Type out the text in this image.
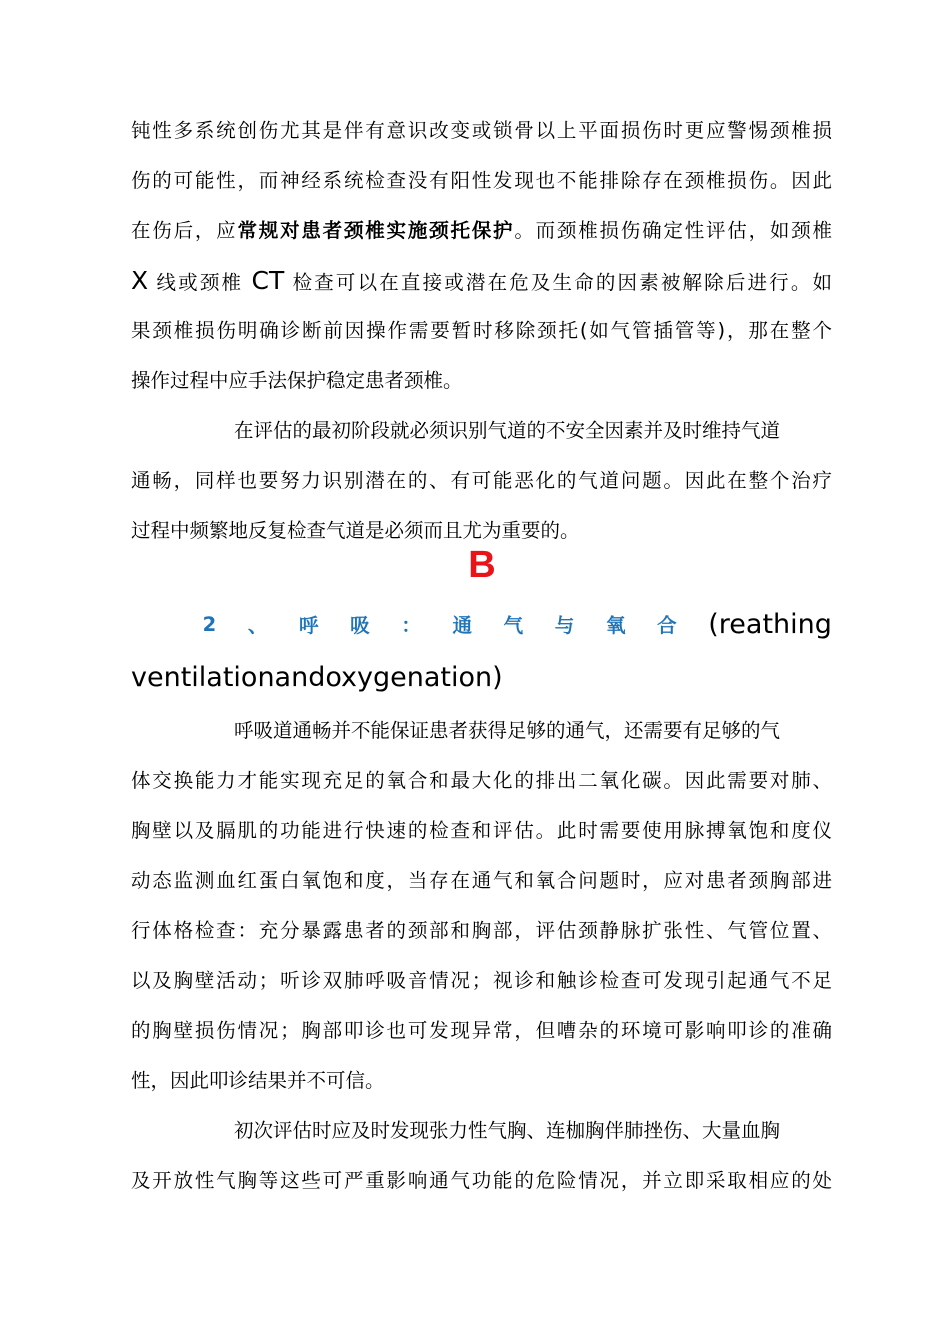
钝性多系统创伤尤其是伴有意识改变或锁骨以上平面损伤时更应警惕颈椎损
伤的可能性，而神经系统检查没有阳性发现也不能排除存在颈椎损伤。因此
在伤后，应常规对患者颈椎实施颈托保护。而颈椎损伤确定性评估，如颈椎
X 线或颈椎 CT 检查可以在直接或潜在危及生命的因素被解除后进行。如
果颈椎损伤明确诊断前因操作需要暂时移除颈托(如气管插管等)，那在整个
操作过程中应手法保护稳定患者颈椎。
在评估的最初阶段就必须识别气道的不安全因素并及时维持气道
通畅，同样也要努力识别潜在的、有可能恶化的气道问题。因此在整个治疗
过程中频繁地反复检查气道是必须而且尤为重要的。
B
2 、 呼 吸 ： 通 气 与 氧 合 (reathing
ventilationandoxygenation)
呼吸道通畅并不能保证患者获得足够的通气，还需要有足够的气
体交换能力才能实现充足的氧合和最大化的排出二氧化碳。因此需要对肺、
胸壁以及膈肌的功能进行快速的检查和评估。此时需要使用脉搏氧饱和度仪
动态监测血红蛋白氧饱和度，当存在通气和氧合问题时，应对患者颈胸部进
行体格检查：充分暴露患者的颈部和胸部，评估颈静脉扩张性、气管位置、
以及胸壁活动；听诊双肺呼吸音情况；视诊和触诊检查可发现引起通气不足
的胸壁损伤情况；胸部叩诊也可发现异常，但嘈杂的环境可影响叩诊的准确
性，因此叩诊结果并不可信。
初次评估时应及时发现张力性气胸、连枷胸伴肺挫伤、大量血胸
及开放性气胸等这些可严重影响通气功能的危险情况，并立即采取相应的处
